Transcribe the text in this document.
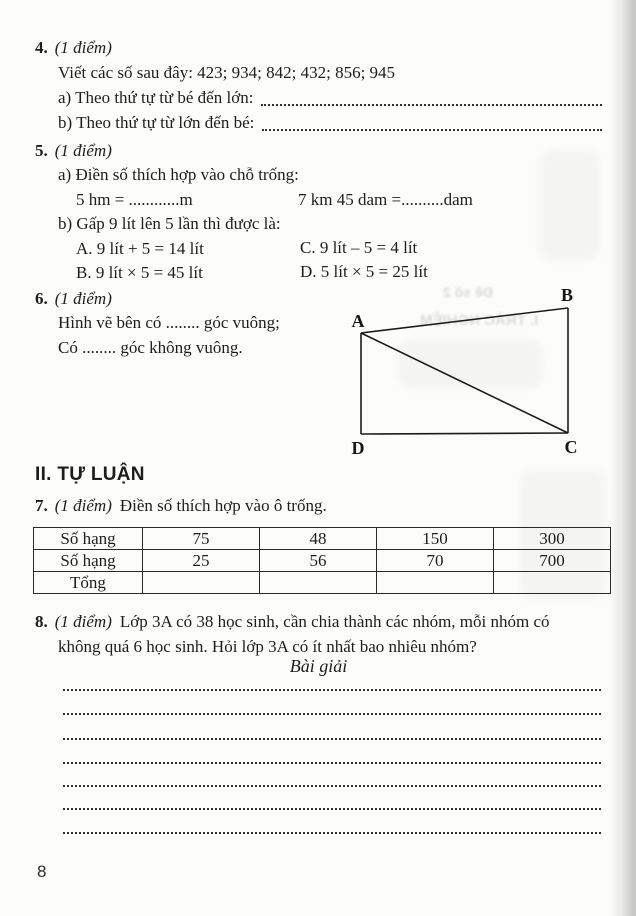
Đề số 2
I. TRẮC NGHIỆM
4. (1 điểm)
Viết các số sau đây: 423; 934; 842; 432; 856; 945
a) Theo thứ tự từ bé đến lớn:
b) Theo thứ tự từ lớn đến bé:
5. (1 điểm)
a) Điền số thích hợp vào chỗ trống:
5 hm = ............m	7 km 45 dam =..........dam
b) Gấp 9 lít lên 5 lần thì được là:
A. 9 lít + 5 = 14 lít	C. 9 lít – 5 = 4 lít
B. 9 lít × 5 = 45 lít	D. 5 lít × 5 = 25 lít
6. (1 điểm)
Hình vẽ bên có ........ góc vuông;
Có ........ góc không vuông.
A
B
C
D
II. TỰ LUẬN
7. (1 điểm) Điền số thích hợp vào ô trống.
Số hạng	75	48	150	300
Số hạng	25	56	70	700
Tổng				
8. (1 điểm) Lớp 3A có 38 học sinh, cần chia thành các nhóm, mỗi nhóm có
không quá 6 học sinh. Hỏi lớp 3A có ít nhất bao nhiêu nhóm?
Bài giải
8
